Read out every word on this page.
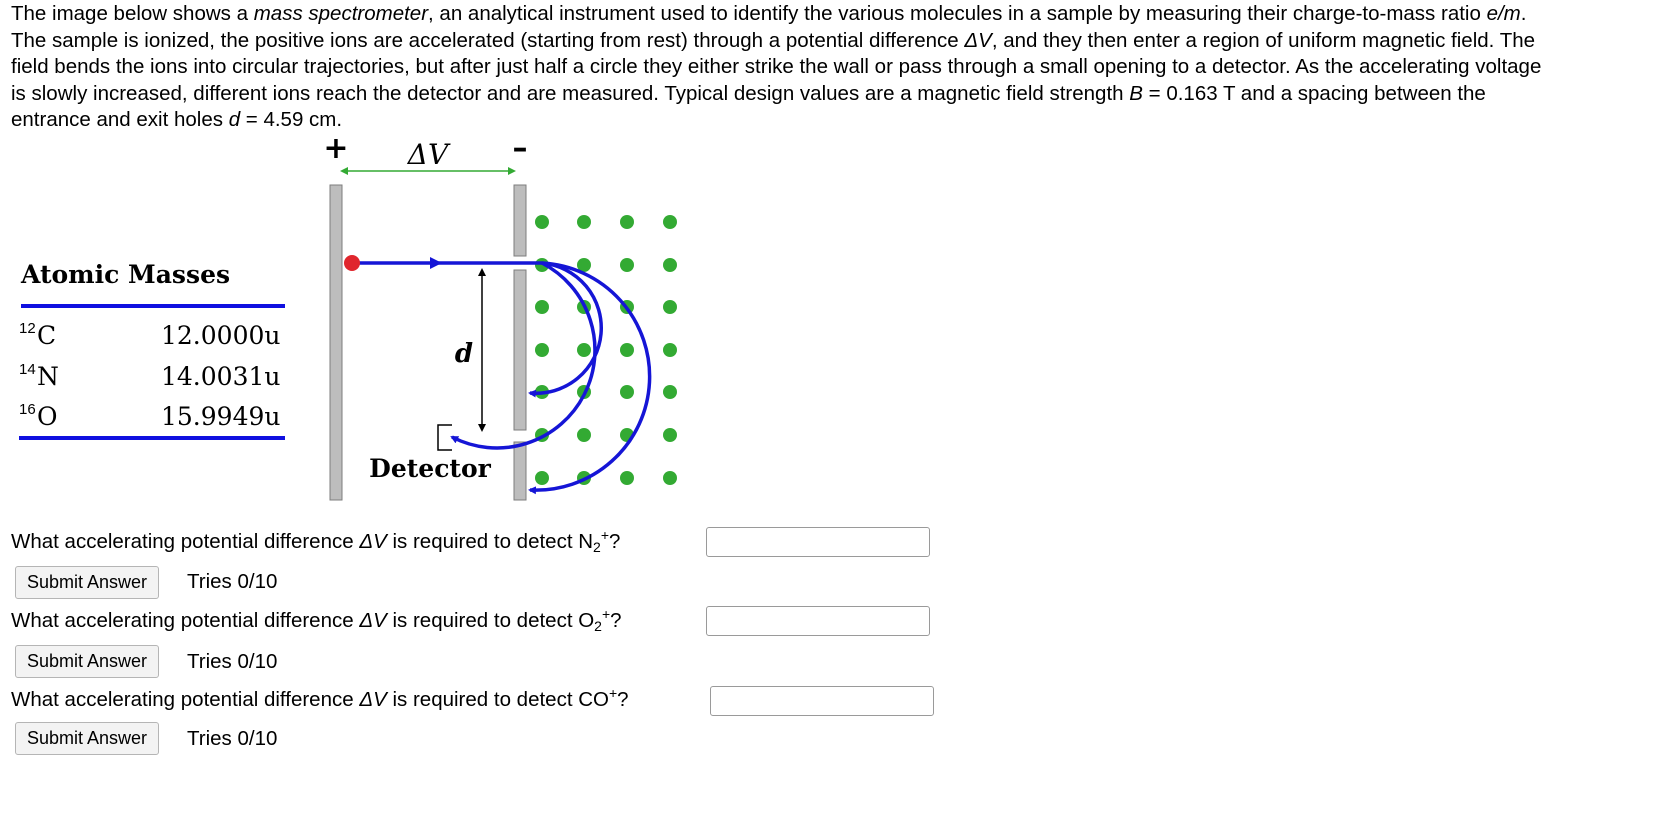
The image below shows a mass spectrometer, an analytical instrument used to identify the various molecules in a sample by measuring their charge-to-mass ratio e/m. The sample is ionized, the positive ions are accelerated (starting from rest) through a potential difference ΔV, and they then enter a region of uniform magnetic field. The field bends the ions into circular trajectories, but after just half a circle they either strike the wall or pass through a small opening to a detector. As the accelerating voltage is slowly increased, different ions reach the detector and are measured. Typical design values are a magnetic field strength B = 0.163 T and a spacing between the entrance and exit holes d = 4.59 cm.

+	–
ΔV
d
Detector
Atomic Masses
12 C	12.0000u
14 N	14.0031u
16 O	15.9949u
What accelerating potential difference ΔV is required to detect $N_2^+$?
Submit Answer	Tries 0/10
What accelerating potential difference ΔV is required to detect $O_2^+$?
Submit Answer	Tries 0/10
What accelerating potential difference ΔV is required to detect CO+?
Submit Answer	Tries 0/10
